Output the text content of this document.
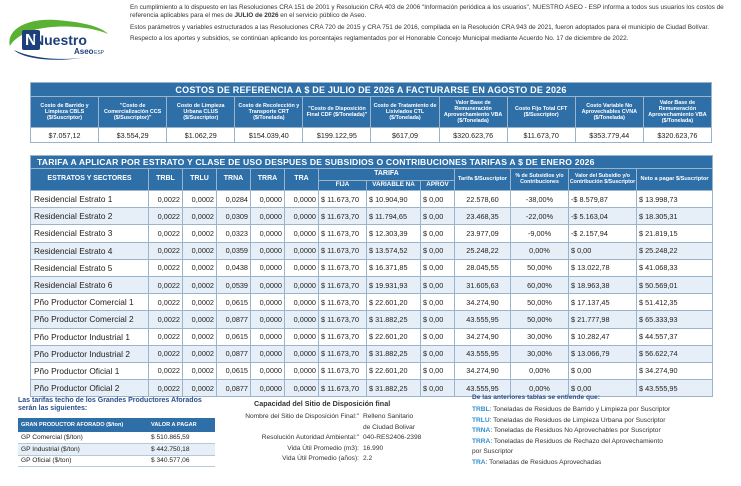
N
Nuestro
Aseo ESP

En cumplimiento a lo dispuesto en las Resoluciones CRA 151 de 2001 y Resolución CRA 403 de 2006 "Información periódica a los usuarios", NUESTRO ASEO - ESP informa a todos sus usuarios los costos de referencia aplicables para el mes de JULIO de 2026 en el servicio público de Aseo.

Estos parámetros y variables estructurados a las Resoluciones CRA 720 de 2015 y CRA 751 de 2016, compilada en la Resolución CRA 943 de 2021, fueron adoptados para el municipio de Ciudad Bolívar.

Respecto a los aportes y subsidios, se continúan aplicando los porcentajes reglamentados por el Honorable Concejo Municipal mediante Acuerdo No. 17 de diciembre de 2022.

COSTOS DE REFERENCIA A $ DE JULIO DE 2026 A FACTURARSE EN AGOSTO DE 2026									
Costo de Barrido y Limpieza CBLS ($/Suscriptor)	"Costo de Comercialización CCS ($/Suscriptor)"	Costo de Limpieza Urbana CLUS ($/Suscriptor)	Costo de Recolección y Transporte CRT ($/Tonelada)	"Costo de Disposición Final CDF ($/Tonelada)"	Costo de Tratamiento de Lixiviados CTL ($/Tonelada)	Valor Base de Remuneración Aprovechamiento VBA ($/Tonelada)	Costo Fijo Total CFT ($/Suscriptor)	Costo Variable No Aprovechables CVNA ($/Tonelada)	Valor Base de Remuneración Aprovechamiento VBA ($/Tonelada)
$7.057,12	$3.554,29	$1.062,29	$154.039,40	$199.122,95	$617,09	$320.623,76	$11.673,70	$353.779,44	$320.623,76
TARIFA A APLICAR POR ESTRATO Y CLASE DE USO DESPUES DE SUBSIDIOS O CONTRIBUCIONES TARIFAS A $ DE ENERO 2026												
ESTRATOS Y SECTORES	TRBL	TRLU	TRNA	TRRA	TRA	TARIFA			Tarifa $/Suscriptor	% de Subsidios y/o Contribuciones	Valor del Subsidio y/o Contribución $/Suscriptor	Neto a pagar $/Suscriptor
						FIJA	VARIABLE NA	APROV				
Residencial Estrato 1	0,0022	0,0002	0,0284	0,0000	0,0000	$ 11.673,70	$ 10.904,90	$ 0,00	22.578,60	-38,00%	-$ 8.579,87	$ 13.998,73
Residencial Estrato 2	0,0022	0,0002	0,0309	0,0000	0,0000	$ 11.673,70	$ 11.794,65	$ 0,00	23.468,35	-22,00%	-$ 5.163,04	$ 18.305,31
Residencial Estrato 3	0,0022	0,0002	0,0323	0,0000	0,0000	$ 11.673,70	$ 12.303,39	$ 0,00	23.977,09	-9,00%	-$ 2.157,94	$ 21.819,15
Residencial Estrato 4	0,0022	0,0002	0,0359	0,0000	0,0000	$ 11.673,70	$ 13.574,52	$ 0,00	25.248,22	0,00%	$ 0,00	$ 25.248,22
Residencial Estrato 5	0,0022	0,0002	0,0438	0,0000	0,0000	$ 11.673,70	$ 16.371,85	$ 0,00	28.045,55	50,00%	$ 13.022,78	$ 41.068,33
Residencial Estrato 6	0,0022	0,0002	0,0539	0,0000	0,0000	$ 11.673,70	$ 19.931,93	$ 0,00	31.605,63	60,00%	$ 18.963,38	$ 50.569,01
Pño Productor Comercial 1	0,0022	0,0002	0,0615	0,0000	0,0000	$ 11.673,70	$ 22.601,20	$ 0,00	34.274,90	50,00%	$ 17.137,45	$ 51.412,35
Pño Productor Comercial 2	0,0022	0,0002	0,0877	0,0000	0,0000	$ 11.673,70	$ 31.882,25	$ 0,00	43.555,95	50,00%	$ 21.777,98	$ 65.333,93
Pño Productor Industrial 1	0,0022	0,0002	0,0615	0,0000	0,0000	$ 11.673,70	$ 22.601,20	$ 0,00	34.274,90	30,00%	$ 10.282,47	$ 44.557,37
Pño Productor Industrial 2	0,0022	0,0002	0,0877	0,0000	0,0000	$ 11.673,70	$ 31.882,25	$ 0,00	43.555,95	30,00%	$ 13.066,79	$ 56.622,74
Pño Productor Oficial 1	0,0022	0,0002	0,0615	0,0000	0,0000	$ 11.673,70	$ 22.601,20	$ 0,00	34.274,90	0,00%	$ 0,00	$ 34.274,90
Pño Productor Oficial 2	0,0022	0,0002	0,0877	0,0000	0,0000	$ 11.673,70	$ 31.882,25	$ 0,00	43.555,95	0,00%	$ 0,00	$ 43.555,95
Las tarifas techo de los Grandes Productores Aforados serán las siguientes:
GRAN PRODUCTOR AFORADO ($/ton)	VALOR A PAGAR
GP Comercial ($/ton)	$ 510.865,59
GP Industrial ($/ton)	$ 442.750,18
GP Oficial ($/ton)	$ 340.577,06
Capacidad del Sitio de Disposición final
Nombre del Sitio de Disposición Final:" Relleno Sanitario
de Ciudad Bolivar
Resolución Autoridad Ambiental:" 040-RES2406-2398
Vida Útil Promedio (m3): 16.990
Vida Útil Promedio (años): 2.2
De las anteriores tablas se entiende que:
TRBL: Toneladas de Residuos de Barrido y Limpieza por Suscriptor
TRLU: Toneladas de Residuos de Limpieza Urbana por Suscriptor
TRNA: Toneladas de Residuos No Aprovechables por Suscriptor
TRRA: Toneladas de Residuos de Rechazo del Aprovechamiento
por Suscriptor
TRA: Toneladas de Residuos Aprovechadas
